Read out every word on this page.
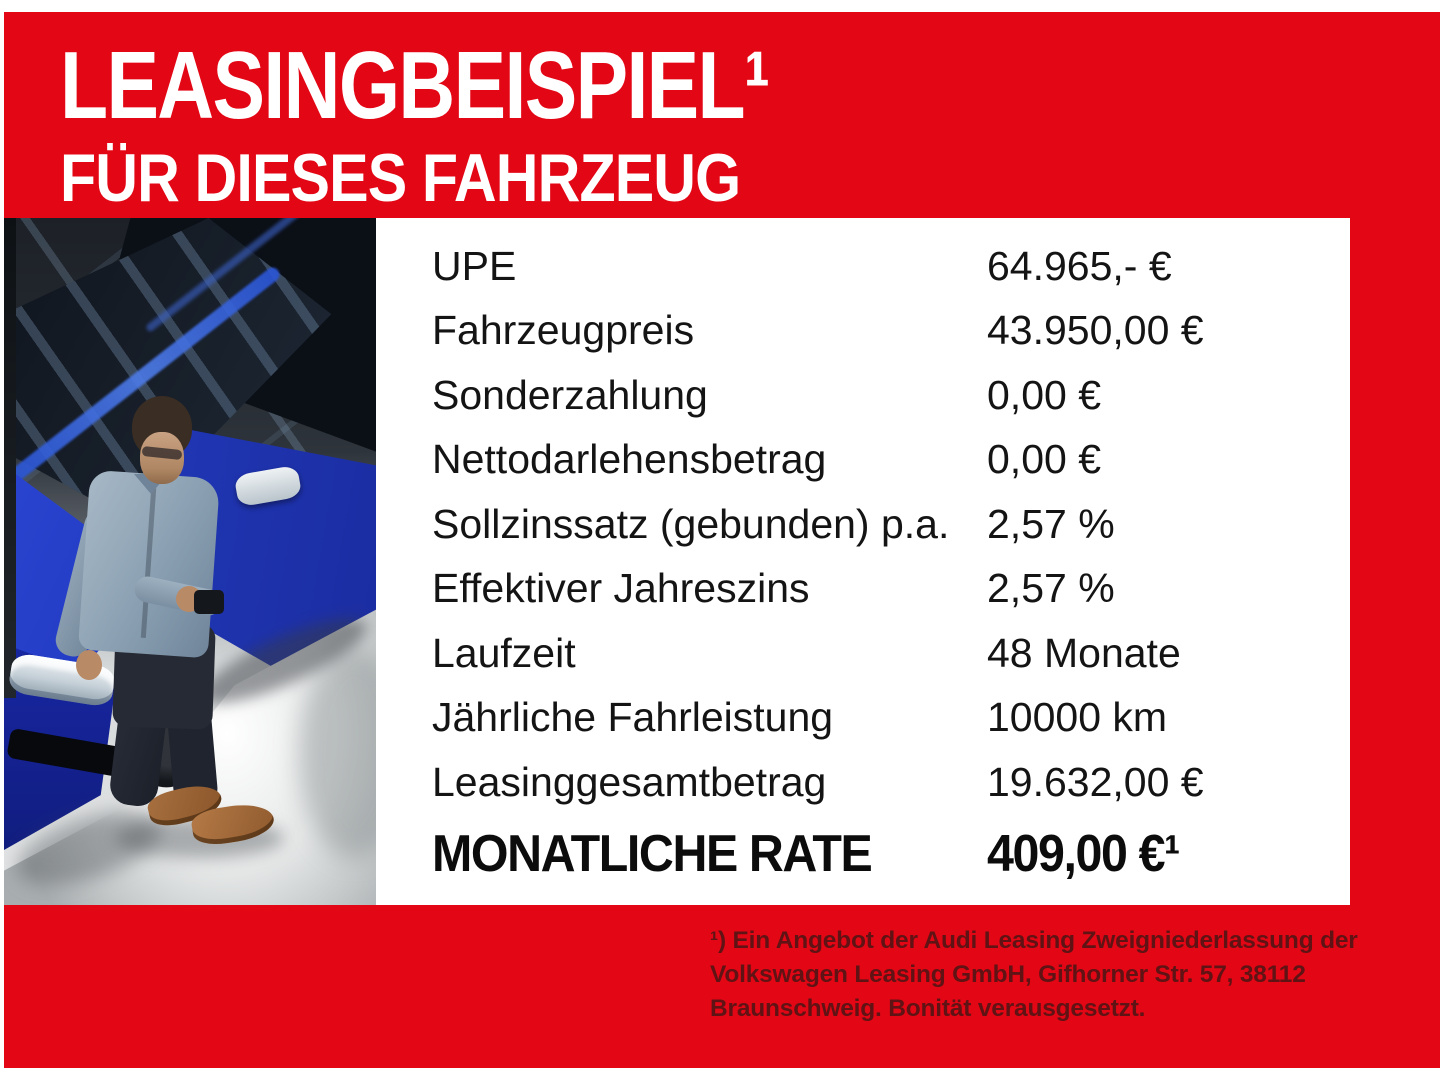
LEASINGBEISPIEL¹
FÜR DIESES FAHRZEUG
UPE	64.965,- €
Fahrzeugpreis	43.950,00 €
Sonderzahlung	0,00 €
Nettodarlehensbetrag	0,00 €
Sollzinssatz (gebunden) p.a. 2,57 %
Effektiver Jahreszins	2,57 %
Laufzeit	48 Monate
Jährliche Fahrleistung	10000 km
Leasinggesamtbetrag	19.632,00 €
MONATLICHE RATE	409,00 €¹
¹) Ein Angebot der Audi Leasing Zweigniederlassung der
Volkswagen Leasing GmbH, Gifhorner Str. 57, 38112
Braunschweig. Bonität verausgesetzt.
